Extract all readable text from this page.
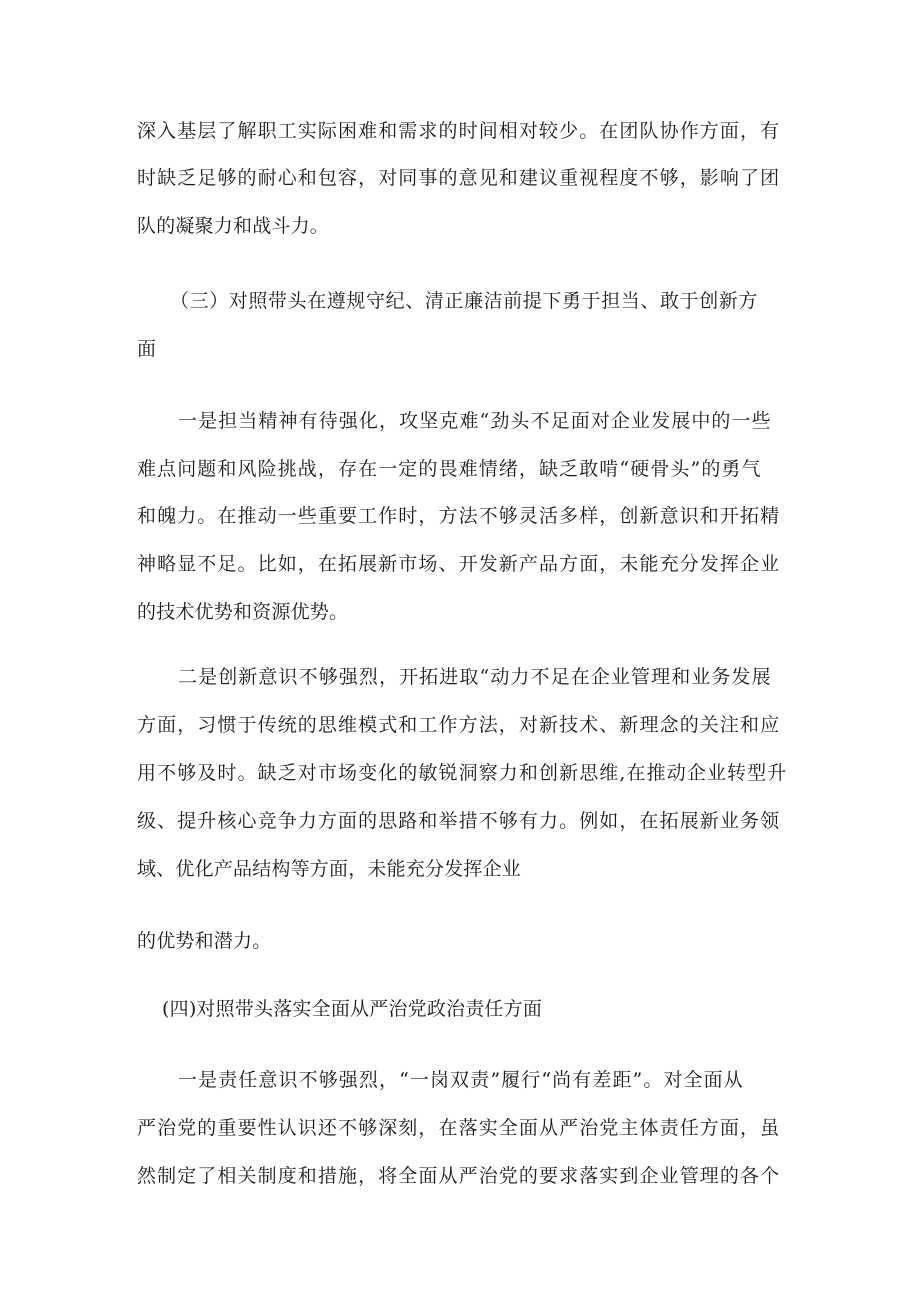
深入基层了解职工实际困难和需求的时间相对较少。在团队协作方面，有
时缺乏足够的耐心和包容，对同事的意见和建议重视程度不够，影响了团
队的凝聚力和战斗力。
（三）对照带头在遵规守纪、清正廉洁前提下勇于担当、敢于创新方
面
一是担当精神有待强化，攻坚克难“劲头不足面对企业发展中的一些
难点问题和风险挑战，存在一定的畏难情绪，缺乏敢啃“硬骨头”的勇气
和魄力。在推动一些重要工作时，方法不够灵活多样，创新意识和开拓精
神略显不足。比如，在拓展新市场、开发新产品方面，未能充分发挥企业
的技术优势和资源优势。
二是创新意识不够强烈，开拓进取“动力不足在企业管理和业务发展
方面，习惯于传统的思维模式和工作方法，对新技术、新理念的关注和应
用不够及时。缺乏对市场变化的敏锐洞察力和创新思维,在推动企业转型升
级、提升核心竞争力方面的思路和举措不够有力。例如，在拓展新业务领
域、优化产品结构等方面，未能充分发挥企业
的优势和潜力。
(四)对照带头落实全面从严治党政治责任方面
一是责任意识不够强烈，“一岗双责”履行“尚有差距”。对全面从
严治党的重要性认识还不够深刻，在落实全面从严治党主体责任方面，虽
然制定了相关制度和措施，将全面从严治党的要求落实到企业管理的各个
